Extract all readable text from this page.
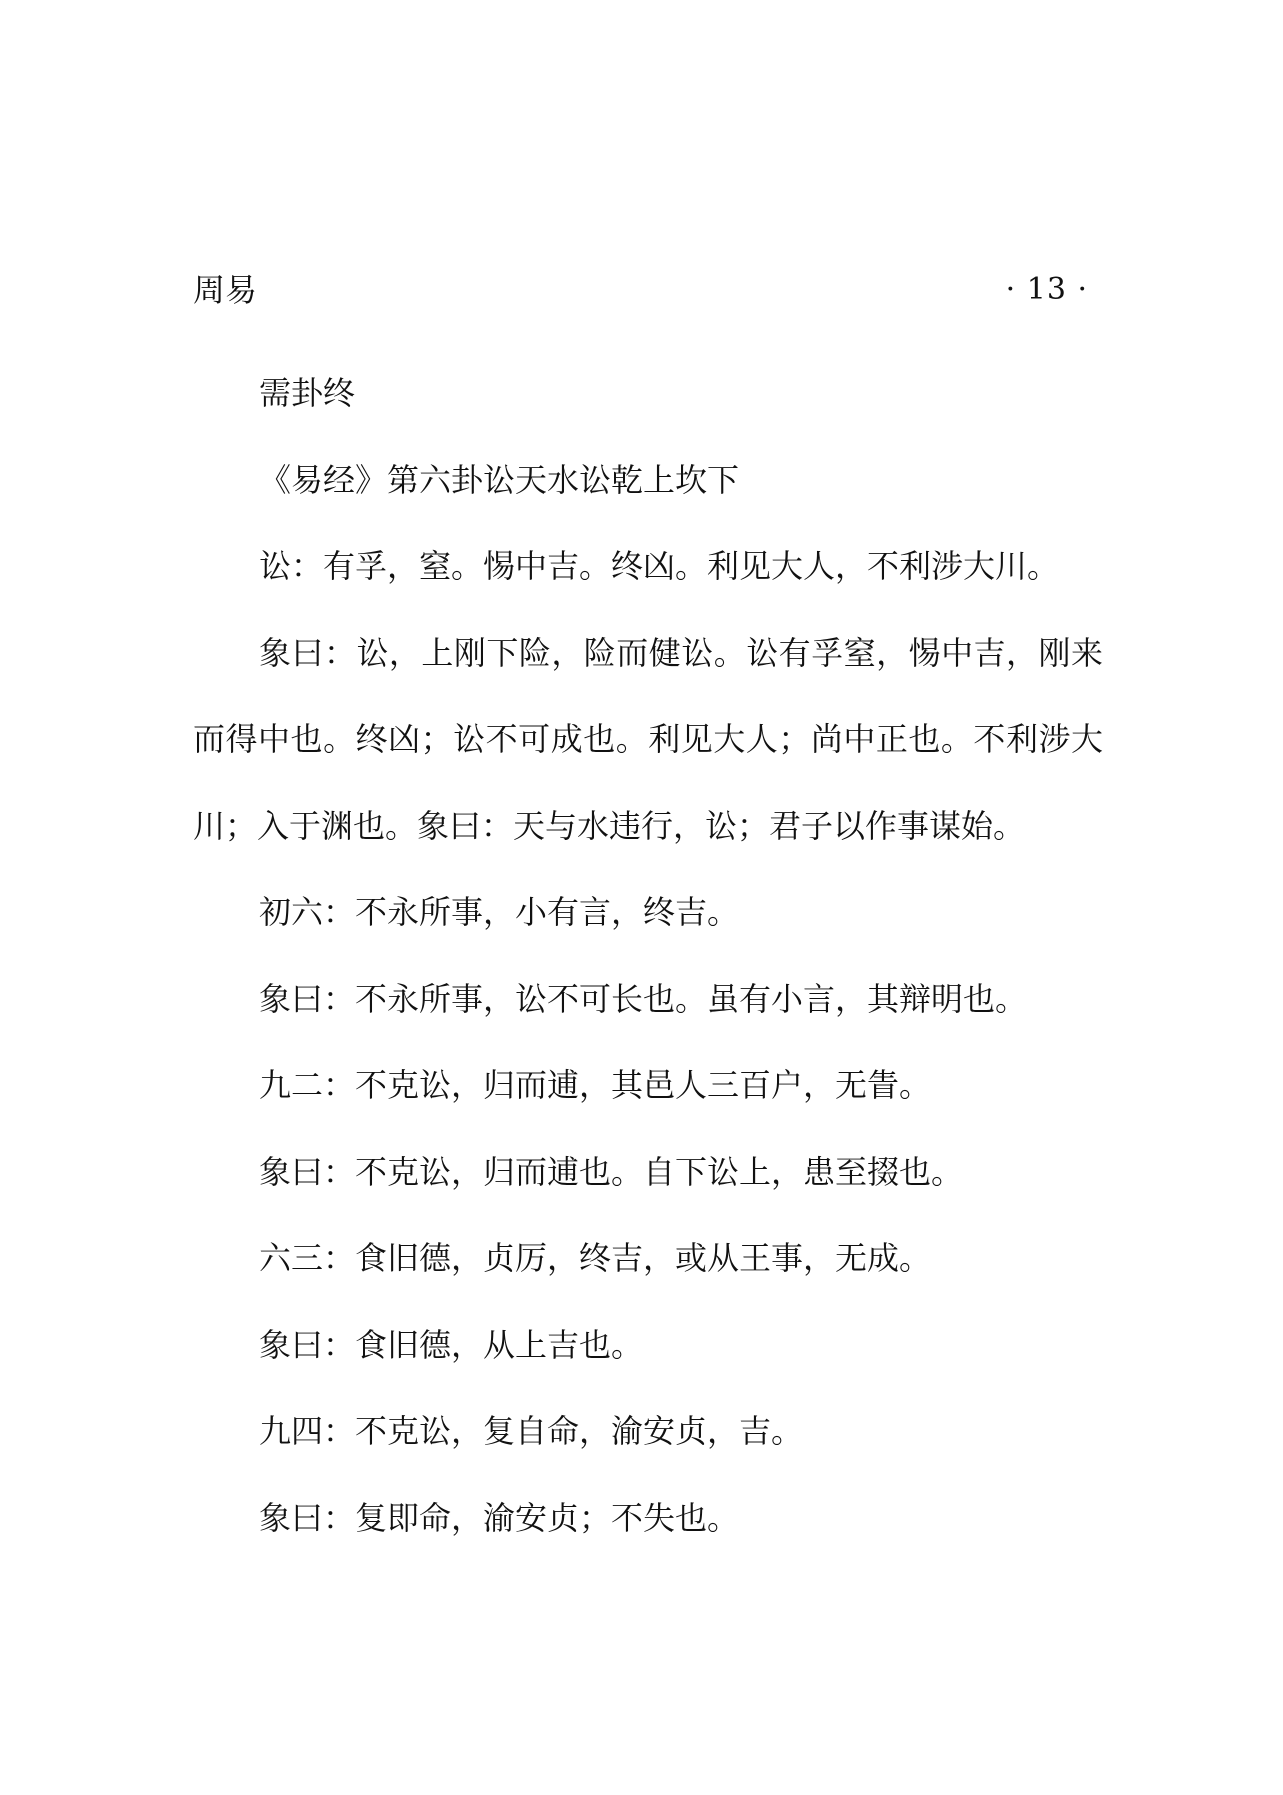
周易	· 13 ·

需卦终

《易经》第六卦讼天水讼乾上坎下

讼：有孚，窒。惕中吉。终凶。利见大人，不利涉大川。

象曰：讼，上刚下险，险而健讼。讼有孚窒，惕中吉，刚来而得中也。终凶；讼不可成也。利见大人；尚中正也。不利涉大川；入于渊也。象曰：天与水违行，讼；君子以作事谋始。

初六：不永所事，小有言，终吉。

象曰：不永所事，讼不可长也。虽有小言，其辩明也。

九二：不克讼，归而逋，其邑人三百户，无眚。

象曰：不克讼，归而逋也。自下讼上，患至掇也。

六三：食旧德，贞厉，终吉，或从王事，无成。

象曰：食旧德，从上吉也。

九四：不克讼，复自命，渝安贞，吉。

象曰：复即命，渝安贞；不失也。
